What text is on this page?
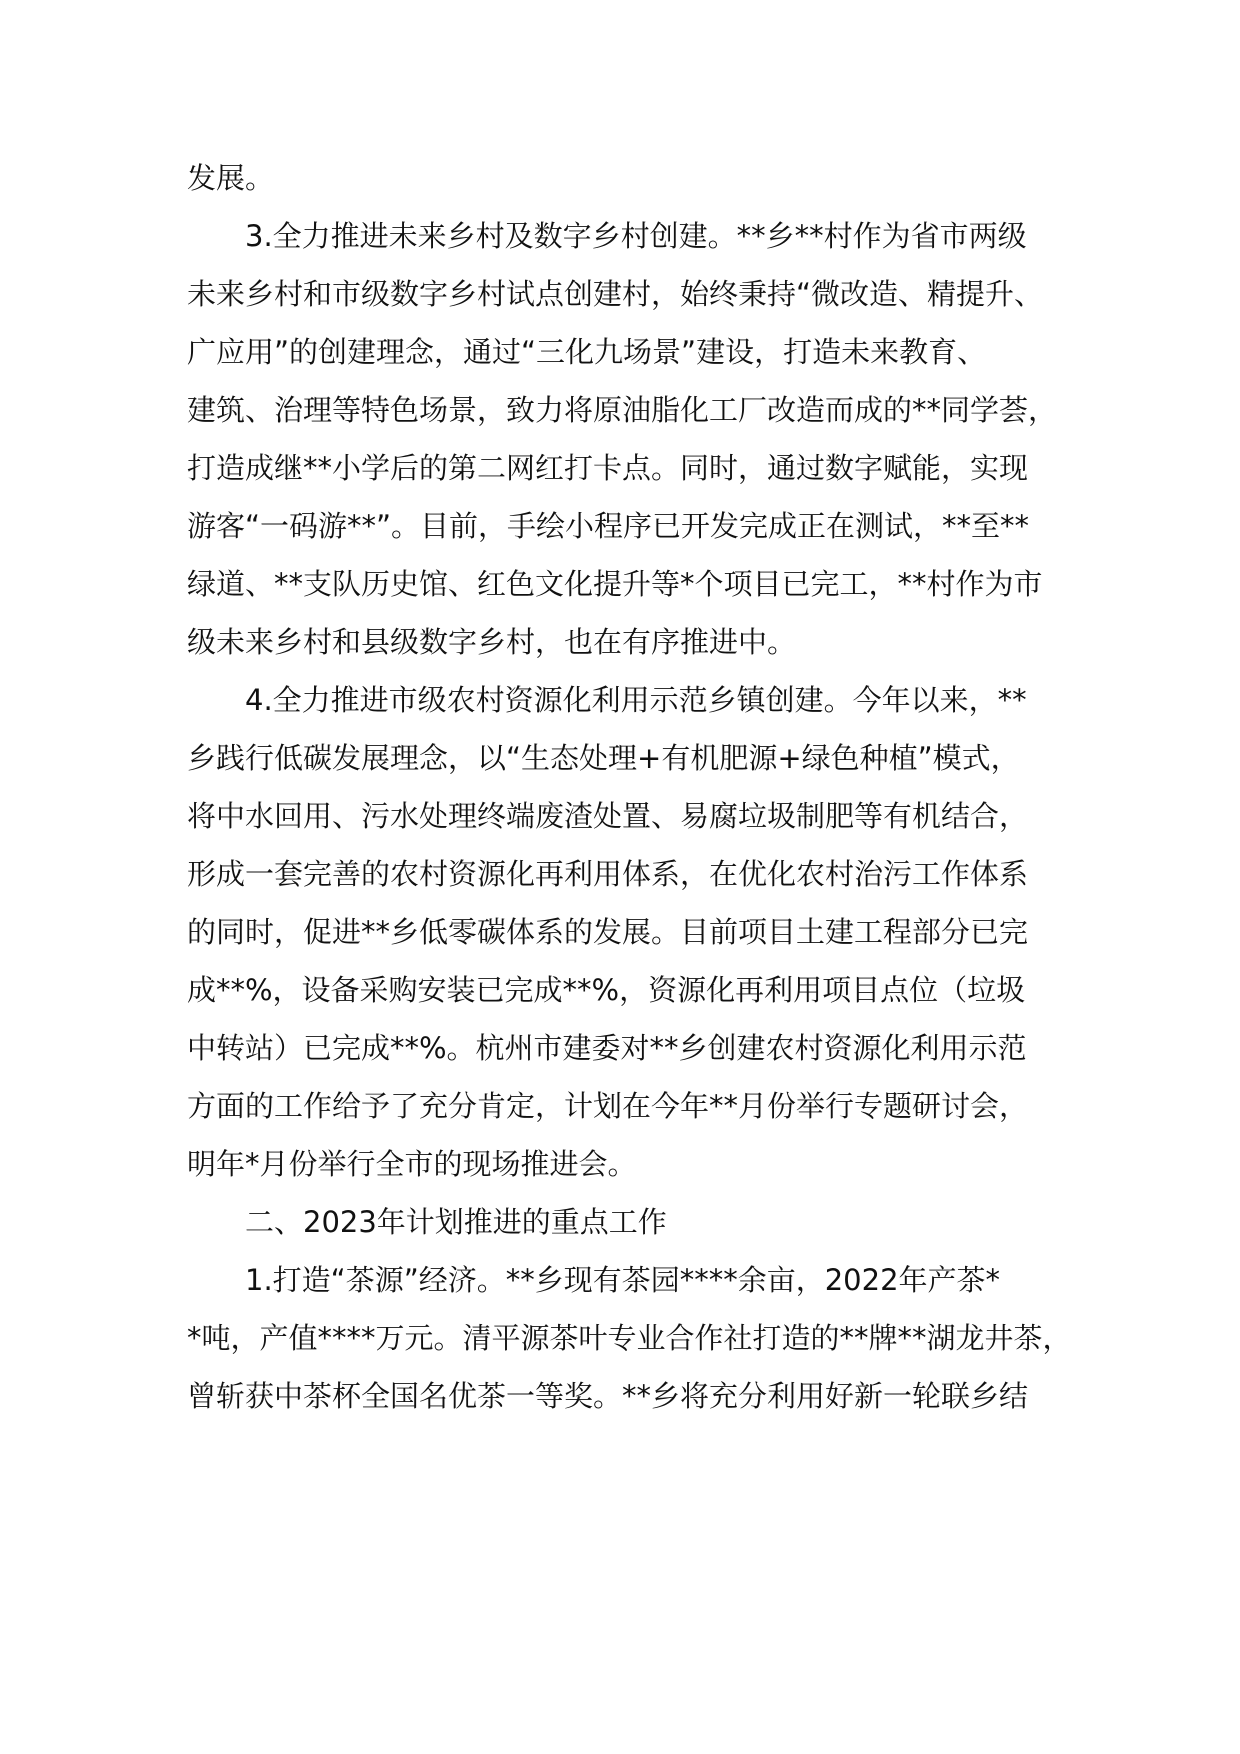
发展。
3.全力推进未来乡村及数字乡村创建。**乡**村作为省市两级
未来乡村和市级数字乡村试点创建村，始终秉持“微改造、精提升、
广应用”的创建理念，通过“三化九场景”建设，打造未来教育、
建筑、治理等特色场景，致力将原油脂化工厂改造而成的**同学荟，
打造成继**小学后的第二网红打卡点。同时，通过数字赋能，实现
游客“一码游**”。目前，手绘小程序已开发完成正在测试，**至**
绿道、**支队历史馆、红色文化提升等*个项目已完工，**村作为市
级未来乡村和县级数字乡村，也在有序推进中。
4.全力推进市级农村资源化利用示范乡镇创建。今年以来，**
乡践行低碳发展理念，以“生态处理+有机肥源+绿色种植”模式，
将中水回用、污水处理终端废渣处置、易腐垃圾制肥等有机结合，
形成一套完善的农村资源化再利用体系，在优化农村治污工作体系
的同时，促进**乡低零碳体系的发展。目前项目土建工程部分已完
成**%，设备采购安装已完成**%，资源化再利用项目点位（垃圾
中转站）已完成**%。杭州市建委对**乡创建农村资源化利用示范
方面的工作给予了充分肯定，计划在今年**月份举行专题研讨会，
明年*月份举行全市的现场推进会。
二、2023年计划推进的重点工作
1.打造“茶源”经济。**乡现有茶园****余亩，2022年产茶*
*吨，产值****万元。清平源茶叶专业合作社打造的**牌**湖龙井茶，
曾斩获中茶杯全国名优茶一等奖。**乡将充分利用好新一轮联乡结
